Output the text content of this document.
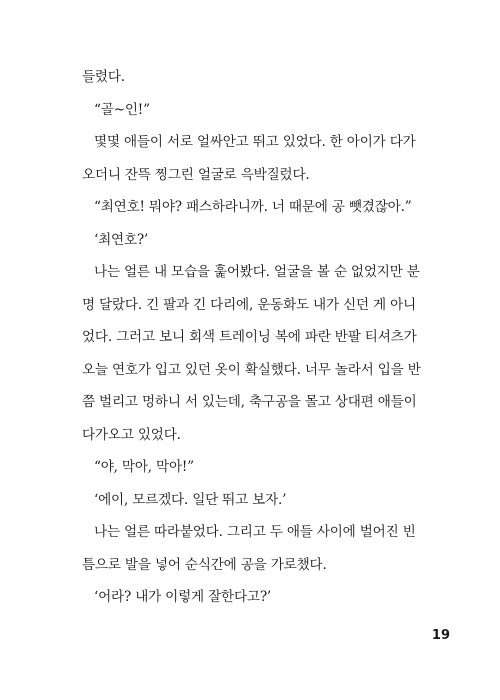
들렸다.
“골~인!”
몇몇 애들이 서로 얼싸안고 뛰고 있었다. 한 아이가 다가
오더니 잔뜩 찡그린 얼굴로 윽박질렀다.
“최연호! 뭐야? 패스하라니까. 너 때문에 공 뺏겼잖아.”
‘최연호?’
나는 얼른 내 모습을 훑어봤다. 얼굴을 볼 순 없었지만 분
명 달랐다. 긴 팔과 긴 다리에, 운동화도 내가 신던 게 아니
었다. 그러고 보니 회색 트레이닝 복에 파란 반팔 티셔츠가
오늘 연호가 입고 있던 옷이 확실했다. 너무 놀라서 입을 반
쯤 벌리고 멍하니 서 있는데, 축구공을 몰고 상대편 애들이
다가오고 있었다.
“야, 막아, 막아!”
‘에이, 모르겠다. 일단 뛰고 보자.’
나는 얼른 따라붙었다. 그리고 두 애들 사이에 벌어진 빈
틈으로 발을 넣어 순식간에 공을 가로챘다.
‘어라? 내가 이렇게 잘한다고?’
19
